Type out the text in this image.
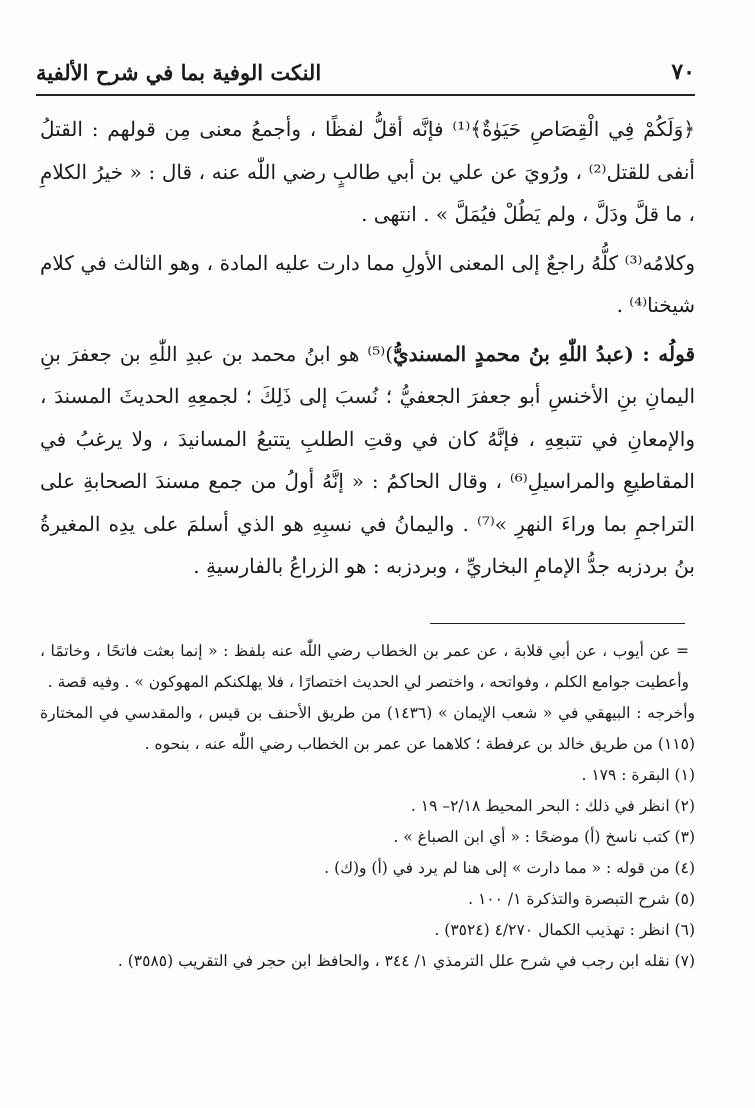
٧٠
النكت الوفية بما في شرح الألفية

﴿وَلَكُمْ فِي الْقِصَاصِ حَيَوٰةٌ﴾⁽¹⁾ فإنَّه أقلُّ لفظًا ، وأجمعُ معنى مِن قولهم : القتلُ أنفى للقتل⁽²⁾ ، ورُويَ عن علي بن أبي طالبٍ رضي اللّٰه عنه ، قال : « خيرُ الكلامِ ، ما قلَّ ودَلَّ ، ولم يَطُلْ فيُمَلَّ » . انتهى .

وكلامُه⁽³⁾ كلُّهُ راجعٌ إلى المعنى الأولِ مما دارت عليه المادة ، وهو الثالث في كلام شيخنا⁽⁴⁾ .

قولُه : (عبدُ اللّٰهِ بنُ محمدٍ المسنديُّ)⁽⁵⁾ هو ابنُ محمد بن عبدِ اللّٰهِ بن جعفرَ بنِ اليمانِ بنِ الأخنسِ أبو جعفرَ الجعفيُّ ؛ نُسبَ إلى ذَلِكَ ؛ لجمعِهِ الحديثَ المسندَ ، والإمعانِ في تتبعِهِ ، فإنَّهُ كان في وقتِ الطلبِ يتتبعُ المسانيدَ ، ولا يرغبُ في المقاطيعِ والمراسيلِ⁽⁶⁾ ، وقال الحاكمُ : « إنَّهُ أولُ من جمع مسندَ الصحابةِ على التراجمِ بما وراءَ النهرِ »⁽⁷⁾ . واليمانُ في نسبِهِ هو الذي أسلمَ على يدِه المغيرةُ بنُ بردزبه جدُّ الإمامِ البخاريِّ ، وبردزبه : هو الزراعُ بالفارسيةِ .

= عن أيوب ، عن أبي قلابة ، عن عمر بن الخطاب رضي اللّٰه عنه بلفظ : « إنما بعثت فاتحًا ، وخاتمًا ، وأعطيت جوامع الكلم ، وفواتحه ، واختصر لي الحديث اختصارًا ، فلا يهلكنكم المهوكون » . وفيه قصة .

وأخرجه : البيهقي في « شعب الإيمان » (١٤٣٦) من طريق الأحنف بن قيس ، والمقدسي في المختارة (١١٥) من طريق خالد بن عرفطة ؛ كلاهما عن عمر بن الخطاب رضي اللّٰه عنه ، بنحوه .

(١) البقرة : ١٧٩ .

(٢) انظر في ذلك : البحر المحيط ٢/١٨– ١٩ .

(٣) كتب ناسخ (أ) موضحًا : « أي ابن الصباغ » .

(٤) من قوله : « مما دارت » إلى هنا لم يرد في (أ) و(ك) .

(٥) شرح التبصرة والتذكرة ١/ ١٠٠ .

(٦) انظر : تهذيب الكمال ٤/٢٧٠ (٣٥٢٤) .

(٧) نقله ابن رجب في شرح علل الترمذي ١/ ٣٤٤ ، والحافظ ابن حجر في التقريب (٣٥٨٥) .
